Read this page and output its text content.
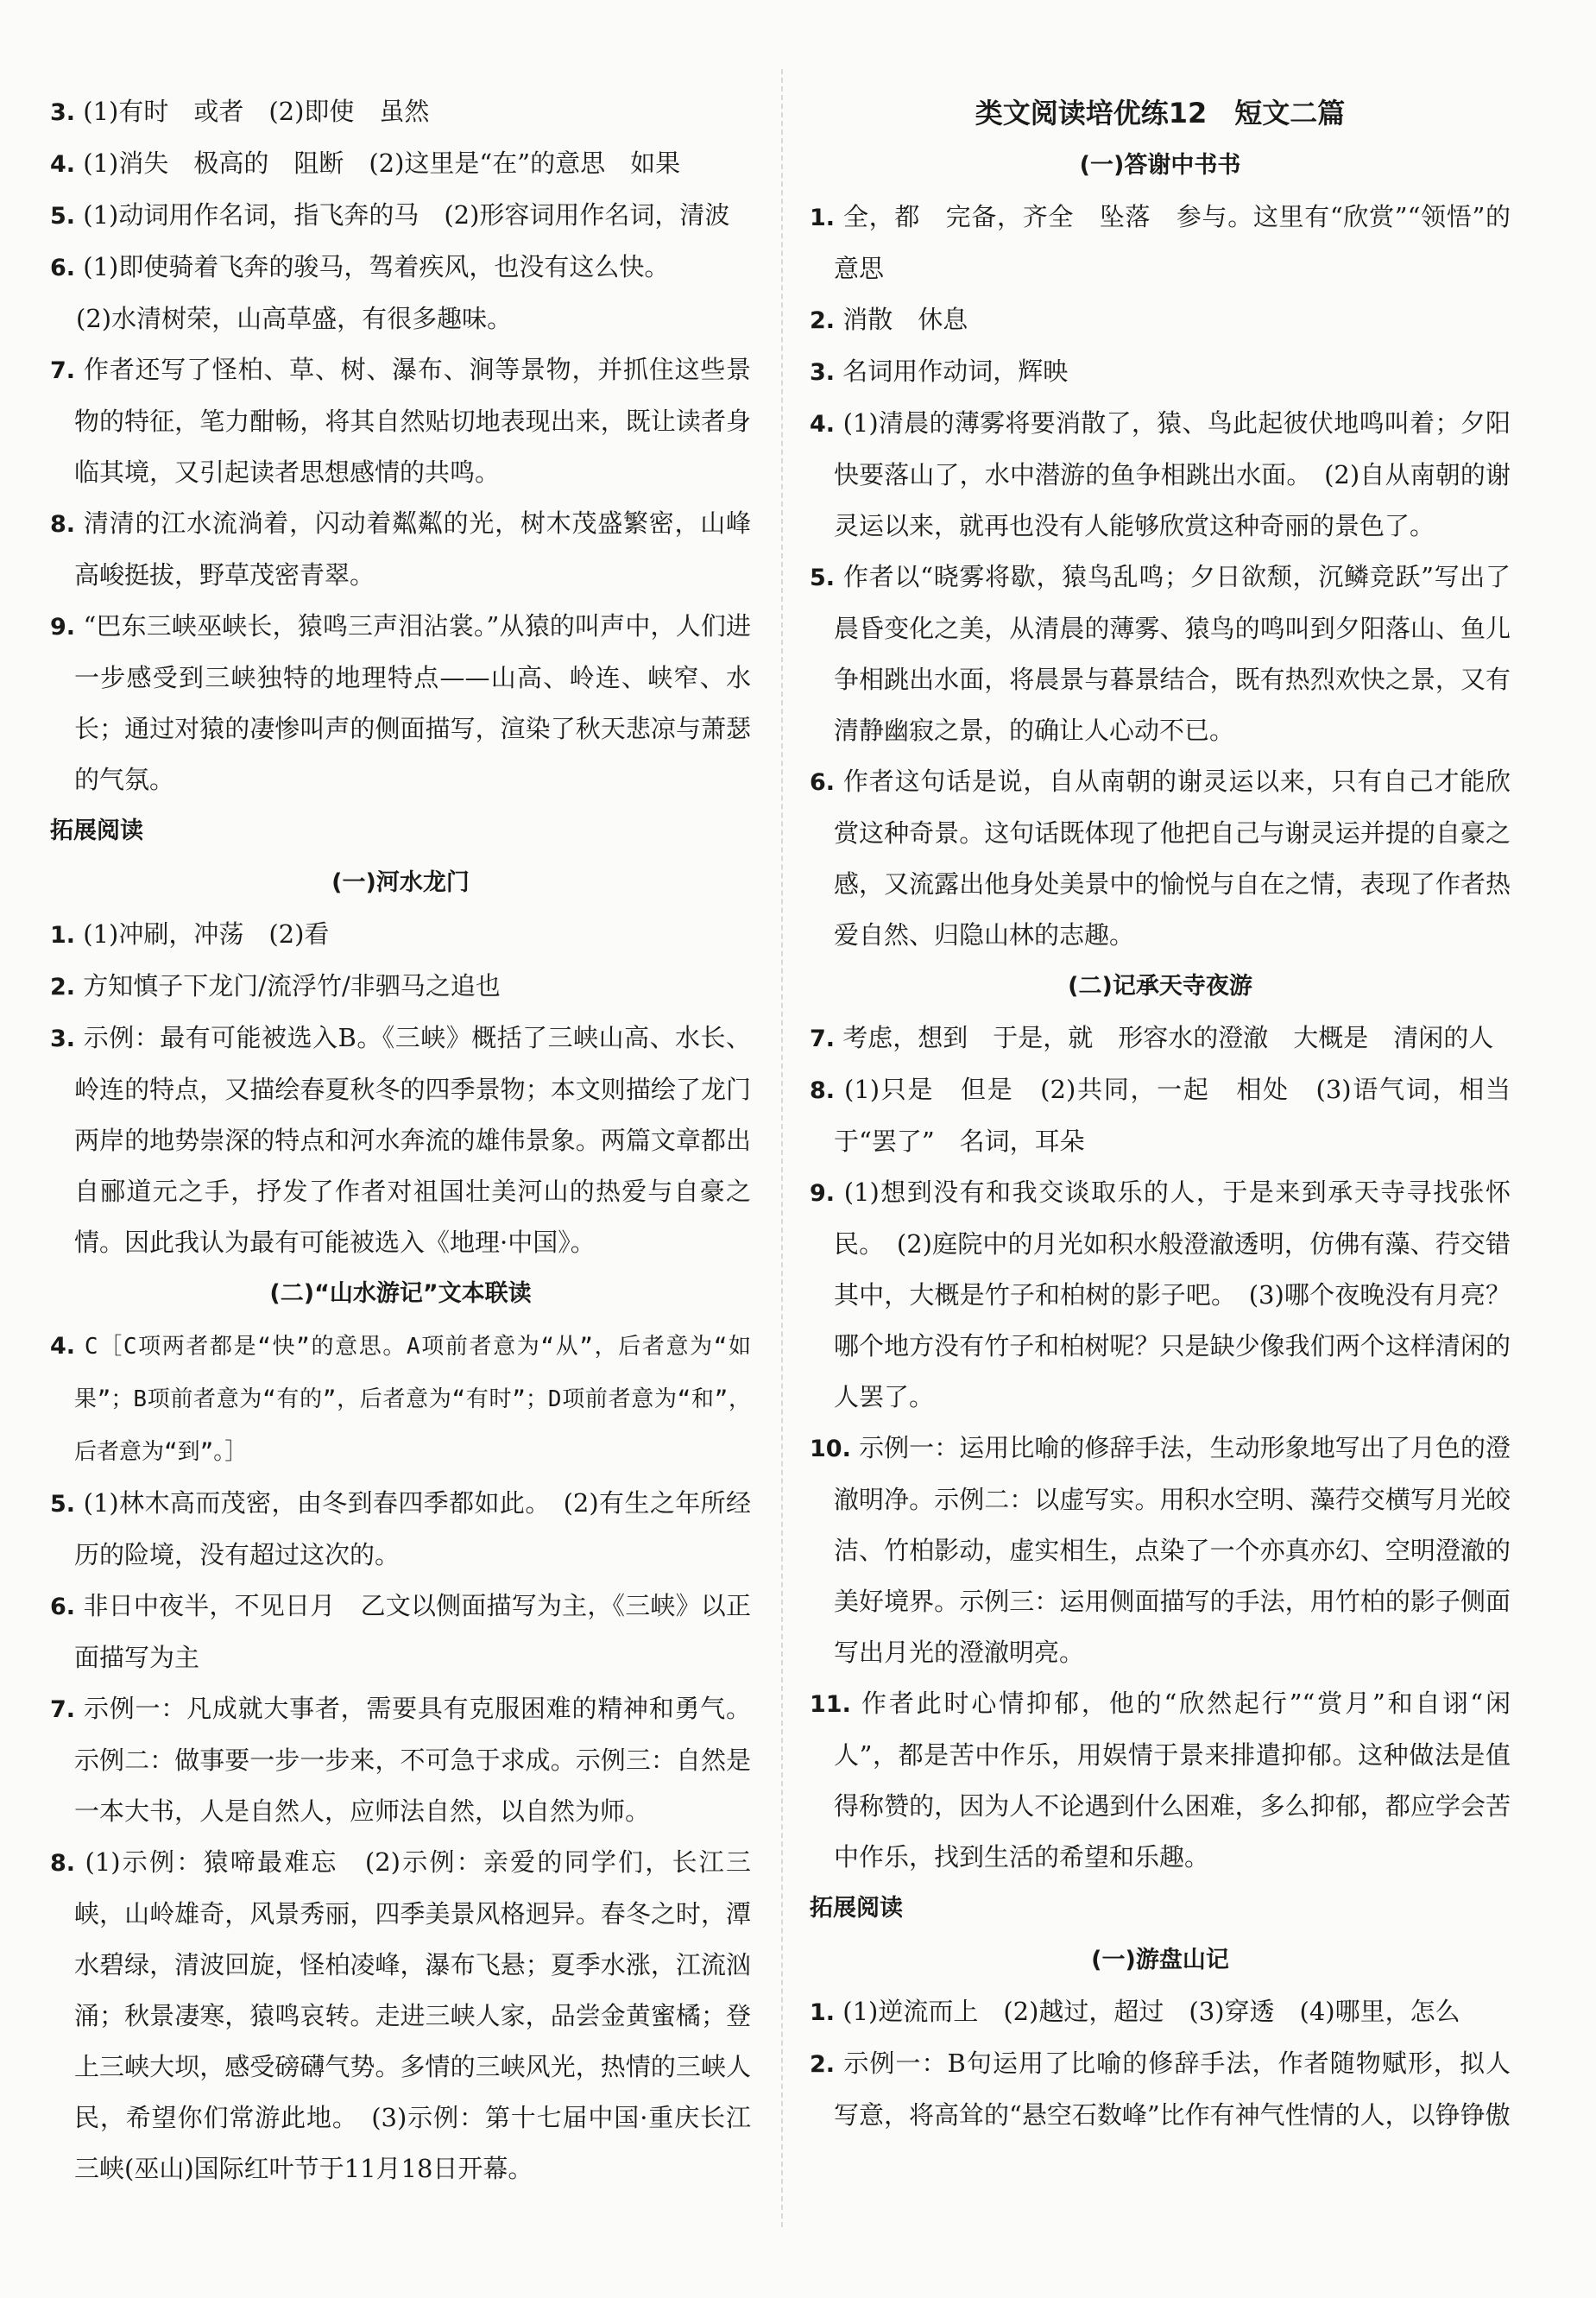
3. (1)有时　或者　(2)即使　虽然
4. (1)消失　极高的　阻断　(2)这里是“在”的意思　如果
5. (1)动词用作名词，指飞奔的马　(2)形容词用作名词，清波
6. (1)即使骑着飞奔的骏马，驾着疾风，也没有这么快。
(2)水清树荣，山高草盛，有很多趣味。
7. 作者还写了怪柏、草、树、瀑布、涧等景物，并抓住这些景物的特征，笔力酣畅，将其自然贴切地表现出来，既让读者身临其境，又引起读者思想感情的共鸣。
8. 清清的江水流淌着，闪动着粼粼的光，树木茂盛繁密，山峰高峻挺拔，野草茂密青翠。
9. “巴东三峡巫峡长，猿鸣三声泪沾裳。”从猿的叫声中，人们进一步感受到三峡独特的地理特点——山高、岭连、峡窄、水长；通过对猿的凄惨叫声的侧面描写，渲染了秋天悲凉与萧瑟的气氛。
拓展阅读
(一)河水龙门
1. (1)冲刷，冲荡　(2)看
2. 方知慎子下龙门/流浮竹/非驷马之追也
3. 示例：最有可能被选入B。《三峡》概括了三峡山高、水长、岭连的特点，又描绘春夏秋冬的四季景物；本文则描绘了龙门两岸的地势崇深的特点和河水奔流的雄伟景象。两篇文章都出自郦道元之手，抒发了作者对祖国壮美河山的热爱与自豪之情。因此我认为最有可能被选入《地理·中国》。
(二)“山水游记”文本联读
4. C［C项两者都是“快”的意思。A项前者意为“从”，后者意为“如果”；B项前者意为“有的”，后者意为“有时”；D项前者意为“和”，后者意为“到”。］
5. (1)林木高而茂密，由冬到春四季都如此。　(2)有生之年所经历的险境，没有超过这次的。
6. 非日中夜半，不见日月　乙文以侧面描写为主，《三峡》以正面描写为主
7. 示例一：凡成就大事者，需要具有克服困难的精神和勇气。示例二：做事要一步一步来，不可急于求成。示例三：自然是一本大书，人是自然人，应师法自然，以自然为师。
8. (1)示例：猿啼最难忘　(2)示例：亲爱的同学们，长江三峡，山岭雄奇，风景秀丽，四季美景风格迥异。春冬之时，潭水碧绿，清波回旋，怪柏凌峰，瀑布飞悬；夏季水涨，江流汹涌；秋景凄寒，猿鸣哀转。走进三峡人家，品尝金黄蜜橘；登上三峡大坝，感受磅礴气势。多情的三峡风光，热情的三峡人民，希望你们常游此地。　(3)示例：第十七届中国·重庆长江三峡(巫山)国际红叶节于11月18日开幕。
类文阅读培优练12　短文二篇
(一)答谢中书书
1. 全，都　完备，齐全　坠落　参与。这里有“欣赏”“领悟”的意思
2. 消散　休息
3. 名词用作动词，辉映
4. (1)清晨的薄雾将要消散了，猿、鸟此起彼伏地鸣叫着；夕阳快要落山了，水中潜游的鱼争相跳出水面。　(2)自从南朝的谢灵运以来，就再也没有人能够欣赏这种奇丽的景色了。
5. 作者以“晓雾将歇，猿鸟乱鸣；夕日欲颓，沉鳞竞跃”写出了晨昏变化之美，从清晨的薄雾、猿鸟的鸣叫到夕阳落山、鱼儿争相跳出水面，将晨景与暮景结合，既有热烈欢快之景，又有清静幽寂之景，的确让人心动不已。
6. 作者这句话是说，自从南朝的谢灵运以来，只有自己才能欣赏这种奇景。这句话既体现了他把自己与谢灵运并提的自豪之感，又流露出他身处美景中的愉悦与自在之情，表现了作者热爱自然、归隐山林的志趣。
(二)记承天寺夜游
7. 考虑，想到　于是，就　形容水的澄澈　大概是　清闲的人
8. (1)只是　但是　(2)共同，一起　相处　(3)语气词，相当于“罢了”　名词，耳朵
9. (1)想到没有和我交谈取乐的人，于是来到承天寺寻找张怀民。　(2)庭院中的月光如积水般澄澈透明，仿佛有藻、荇交错其中，大概是竹子和柏树的影子吧。　(3)哪个夜晚没有月亮？哪个地方没有竹子和柏树呢？只是缺少像我们两个这样清闲的人罢了。
10. 示例一：运用比喻的修辞手法，生动形象地写出了月色的澄澈明净。示例二：以虚写实。用积水空明、藻荇交横写月光皎洁、竹柏影动，虚实相生，点染了一个亦真亦幻、空明澄澈的美好境界。示例三：运用侧面描写的手法，用竹柏的影子侧面写出月光的澄澈明亮。
11. 作者此时心情抑郁，他的“欣然起行”“赏月”和自诩“闲人”，都是苦中作乐，用娱情于景来排遣抑郁。这种做法是值得称赞的，因为人不论遇到什么困难，多么抑郁，都应学会苦中作乐，找到生活的希望和乐趣。
拓展阅读
(一)游盘山记
1. (1)逆流而上　(2)越过，超过　(3)穿透　(4)哪里，怎么
2. 示例一：B句运用了比喻的修辞手法，作者随物赋形，拟人写意，将高耸的“悬空石数峰”比作有神气性情的人，以铮铮傲
